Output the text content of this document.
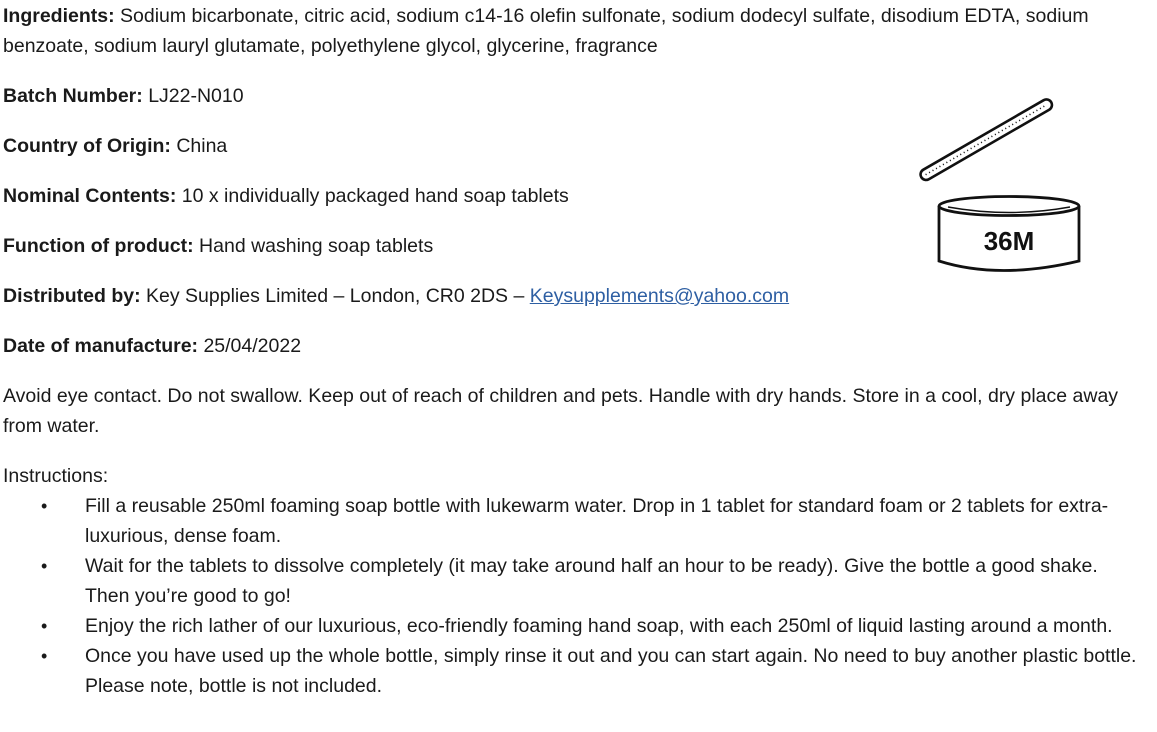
Ingredients: Sodium bicarbonate, citric acid, sodium c14-16 olefin sulfonate, sodium dodecyl sulfate, disodium EDTA, sodium benzoate, sodium lauryl glutamate, polyethylene glycol, glycerine, fragrance

Batch Number: LJ22-N010

Country of Origin: China

Nominal Contents: 10 x individually packaged hand soap tablets

Function of product: Hand washing soap tablets

Distributed by: Key Supplies Limited – London, CR0 2DS – Keysupplements@yahoo.com

Date of manufacture: 25/04/2022

Avoid eye contact. Do not swallow. Keep out of reach of children and pets. Handle with dry hands. Store in a cool, dry place away from water.

Instructions:

• Fill a reusable 250ml foaming soap bottle with lukewarm water. Drop in 1 tablet for standard foam or 2 tablets for extra-luxurious, dense foam.
• Wait for the tablets to dissolve completely (it may take around half an hour to be ready). Give the bottle a good shake. Then you’re good to go!
• Enjoy the rich lather of our luxurious, eco-friendly foaming hand soap, with each 250ml of liquid lasting around a month.
• Once you have used up the whole bottle, simply rinse it out and you can start again. No need to buy another plastic bottle. Please note, bottle is not included.
36M
